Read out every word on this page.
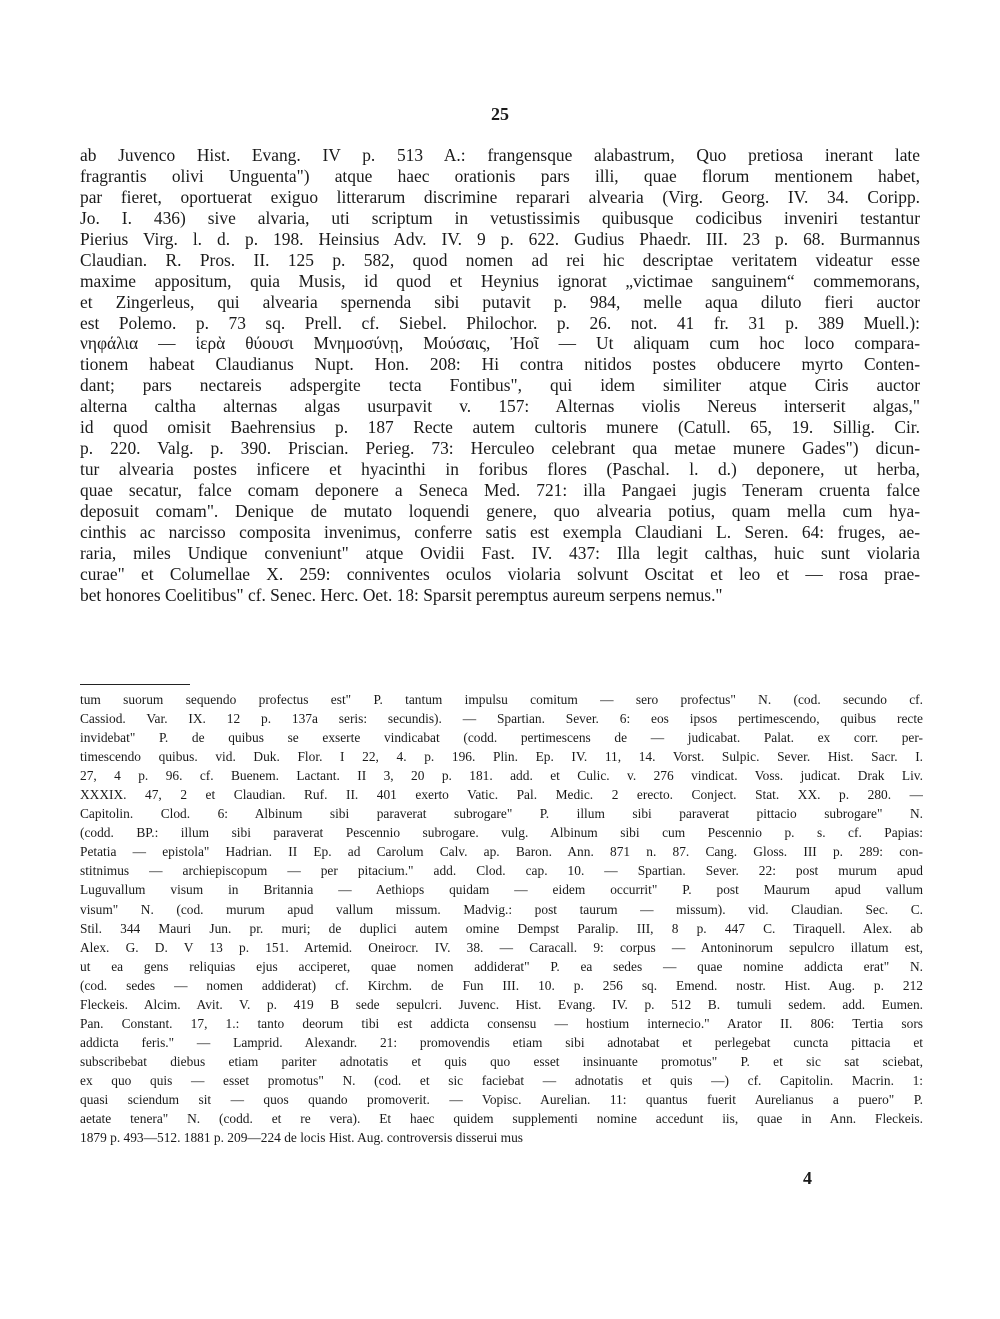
25
ab Juvenco Hist. Evang. IV p. 513 A.: frangensque alabastrum, Quo pretiosa inerant late
fragrantis olivi Unguenta") atque haec orationis pars illi, quae florum mentionem habet,
par fieret, oportuerat exiguo litterarum discrimine reparari alvearia (Virg. Georg. IV. 34. Coripp.
Jo. I. 436) sive alvaria, uti scriptum in vetustissimis quibusque codicibus inveniri testantur
Pierius Virg. l. d. p. 198. Heinsius Adv. IV. 9 p. 622. Gudius Phaedr. III. 23 p. 68. Burmannus
Claudian. R. Pros. II. 125 p. 582, quod nomen ad rei hic descriptae veritatem videatur esse
maxime appositum, quia Musis, id quod et Heynius ignorat „victimae sanguinem“ commemorans,
et Zingerleus, qui alvearia spernenda sibi putavit p. 984, melle aqua diluto fieri auctor
est Polemo. p. 73 sq. Prell. cf. Siebel. Philochor. p. 26. not. 41 fr. 31 p. 389 Muell.):
νηφάλια — ἱερὰ θύουσι Μνημοσύνῃ, Μούσαις, Ἠοῖ — Ut aliquam cum hoc loco compara-
tionem habeat Claudianus Nupt. Hon. 208: Hi contra nitidos postes obducere myrto Conten-
dant; pars nectareis adspergite tecta Fontibus", qui idem similiter atque Ciris auctor
alterna caltha alternas algas usurpavit v. 157: Alternas violis Nereus interserit algas,"
id quod omisit Baehrensius p. 187 Recte autem cultoris munere (Catull. 65, 19. Sillig. Cir.
p. 220. Valg. p. 390. Priscian. Perieg. 73: Herculeo celebrant qua metae munere Gades") dicun-
tur alvearia postes inficere et hyacinthi in foribus flores (Paschal. l. d.) deponere, ut herba,
quae secatur, falce comam deponere a Seneca Med. 721: illa Pangaei jugis Teneram cruenta falce
deposuit comam". Denique de mutato loquendi genere, quo alvearia potius, quam mella cum hya-
cinthis ac narcisso composita invenimus, conferre satis est exempla Claudiani L. Seren. 64: fruges, ae-
raria, miles Undique conveniunt" atque Ovidii Fast. IV. 437: Illa legit calthas, huic sunt violaria
curae" et Columellae X. 259: conniventes oculos violaria solvunt Oscitat et leo et — rosa prae-
bet honores Coelitibus" cf. Senec. Herc. Oet. 18: Sparsit peremptus aureum serpens nemus."
tum suorum sequendo profectus est" P. tantum impulsu comitum — sero profectus" N. (cod. secundo cf.
Cassiod. Var. IX. 12 p. 137a seris: secundis). — Spartian. Sever. 6: eos ipsos pertimescendo, quibus recte
invidebat" P. de quibus se exserte vindicabat (codd. pertimescens de — judicabat. Palat. ex corr. per-
timescendo quibus. vid. Duk. Flor. I 22, 4. p. 196. Plin. Ep. IV. 11, 14. Vorst. Sulpic. Sever. Hist. Sacr. I.
27, 4 p. 96. cf. Buenem. Lactant. II 3, 20 p. 181. add. et Culic. v. 276 vindicat. Voss. judicat. Drak Liv.
XXXIX. 47, 2 et Claudian. Ruf. II. 401 exerto Vatic. Pal. Medic. 2 erecto. Conject. Stat. XX. p. 280. —
Capitolin. Clod. 6: Albinum sibi paraverat subrogare" P. illum sibi paraverat pittacio subrogare" N.
(codd. BP.: illum sibi paraverat Pescennio subrogare. vulg. Albinum sibi cum Pescennio p. s. cf. Papias:
Petatia — epistola" Hadrian. II Ep. ad Carolum Calv. ap. Baron. Ann. 871 n. 87. Cang. Gloss. III p. 289: con-
stitnimus — archiepiscopum — per pitacium." add. Clod. cap. 10. — Spartian. Sever. 22: post murum apud
Luguvallum visum in Britannia — Aethiops quidam — eidem occurrit" P. post Maurum apud vallum
visum" N. (cod. murum apud vallum missum. Madvig.: post taurum — missum). vid. Claudian. Sec. C.
Stil. 344 Mauri Jun. pr. muri; de duplici autem omine Dempst Paralip. III, 8 p. 447 C. Tiraquell. Alex. ab
Alex. G. D. V 13 p. 151. Artemid. Oneirocr. IV. 38. — Caracall. 9: corpus — Antoninorum sepulcro illatum est,
ut ea gens reliquias ejus acciperet, quae nomen addiderat" P. ea sedes — quae nomine addicta erat" N.
(cod. sedes — nomen addiderat) cf. Kirchm. de Fun III. 10. p. 256 sq. Emend. nostr. Hist. Aug. p. 212
Fleckeis. Alcim. Avit. V. p. 419 B sede sepulcri. Juvenc. Hist. Evang. IV. p. 512 B. tumuli sedem. add. Eumen.
Pan. Constant. 17, 1.: tanto deorum tibi est addicta consensu — hostium internecio." Arator II. 806: Tertia sors
addicta feris." — Lamprid. Alexandr. 21: promovendis etiam sibi adnotabat et perlegebat cuncta pittacia et
subscribebat diebus etiam pariter adnotatis et quis quo esset insinuante promotus" P. et sic sat sciebat,
ex quo quis — esset promotus" N. (cod. et sic faciebat — adnotatis et quis —) cf. Capitolin. Macrin. 1:
quasi sciendum sit — quos quando promoverit. — Vopisc. Aurelian. 11: quantus fuerit Aurelianus a puero" P.
aetate tenera" N. (codd. et re vera). Et haec quidem supplementi nomine accedunt iis, quae in Ann. Fleckeis.
1879 p. 493—512. 1881 p. 209—224 de locis Hist. Aug. controversis disserui mus
4
